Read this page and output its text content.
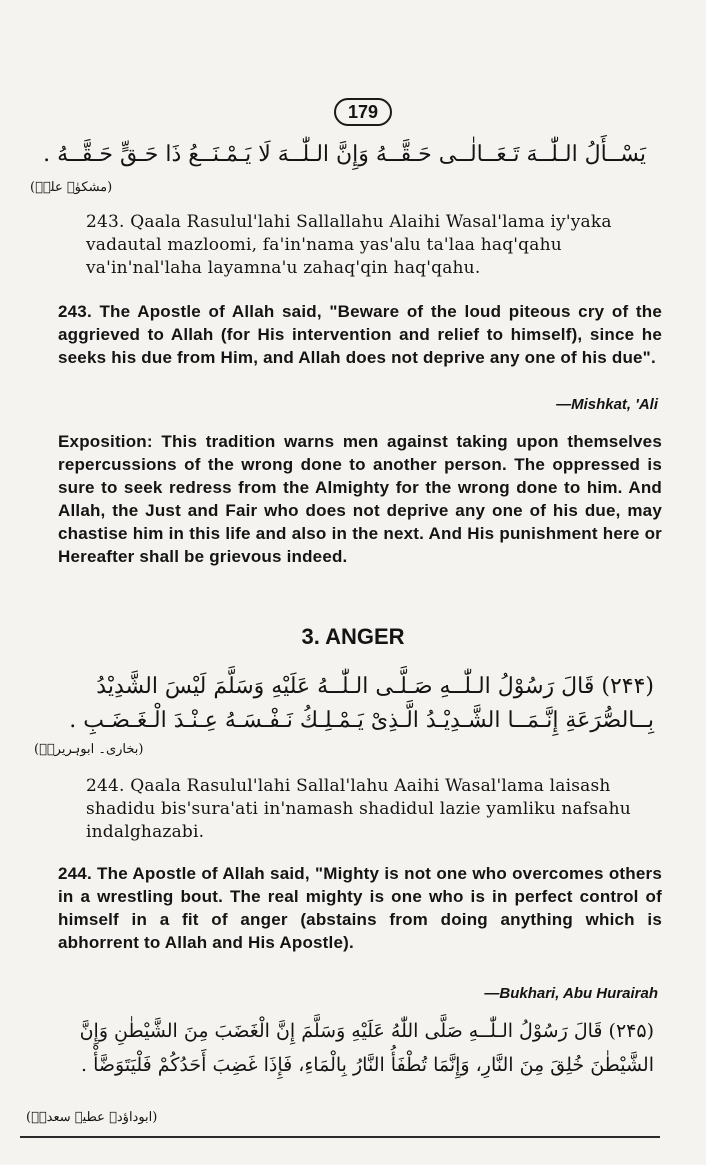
179
يَسْــأَلُ الـلّٰــهَ تَـعَــالٰــى حَـقَّــهُ وَإِنَّ الـلّٰــهَ لَا يَـمْـنَــعُ ذَا حَـقٍّ حَـقَّــهُ .
(مشکوٰۃ علیؓ)

243. Qaala Rasulul'lahi Sallallahu Alaihi Wasal'lama iy'yaka vadautal mazloomi, fa'in'nama yas'alu ta'laa haq'qahu va'in'nal'laha layamna'u zahaq'qin haq'qahu.

243. The Apostle of Allah said, "Beware of the loud piteous cry of the aggrieved to Allah (for His intervention and relief to himself), since he seeks his due from Him, and Allah does not deprive any one of his due".

—Mishkat, 'Ali

Exposition: This tradition warns men against taking upon themselves repercussions of the wrong done to another person. The oppressed is sure to seek redress from the Almighty for the wrong done to him. And Allah, the Just and Fair who does not deprive any one of his due, may chastise him in this life and also in the next. And His punishment here or Hereafter shall be grievous indeed.

3. ANGER
(۲۴۴) قَالَ رَسُوْلُ الـلّٰــهِ صَـلَّـى الـلّٰــهُ عَلَيْهِ وَسَلَّمَ لَيْسَ الشَّدِيْدُ
بِــالصُّرَعَةِ إِنَّـمَــا الشَّـدِيْـدُ الَّـذِىْ يَـمْـلِـكُ نَـفْـسَـهُ عِـنْـدَ الْـغَـضَـبِ .
(بخاری۔ ابوہریرہؓ)

244. Qaala Rasulul'lahi Sallal'lahu Aaihi Wasal'lama laisash shadidu bis'sura'ati in'namash shadidul lazie yamliku nafsahu indalghazabi.

244. The Apostle of Allah said, "Mighty is not one who overcomes others in a wrestling bout. The real mighty is one who is in perfect control of himself in a fit of anger (abstains from doing anything which is abhorrent to Allah and His Apostle).

—Bukhari, Abu Hurairah
(۲۴۵) قَالَ رَسُوْلُ الـلّٰــهِ صَلَّى اللّٰهُ عَلَيْهِ وَسَلَّمَ إِنَّ الْغَضَبَ مِنَ الشَّيْطٰنِ وَإِنَّ
الشَّيْطٰنَ خُلِقَ مِنَ النَّارِ، وَإِنَّمَا تُطْفَأُ النَّارُ بِالْمَاءِ، فَإِذَا غَضِبَ أَحَدُكُمْ فَلْيَتَوَضَّأْ .
(ابوداؤد۔ عطیہ سعدیؓ)
